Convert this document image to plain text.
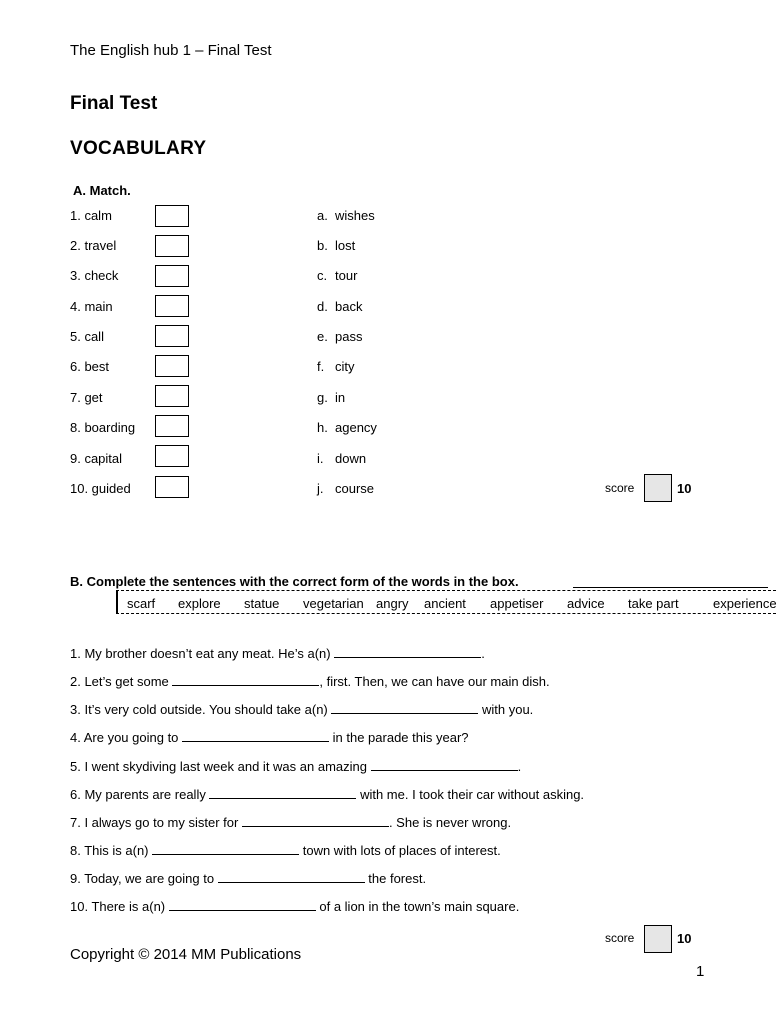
The English hub 1 – Final Test
Final Test
VOCABULARY
A. Match.
1. calm	a. wishes
2. travel	b. lost
3. check	c. tour
4. main	d. back
5. call	e. pass
6. best	f. city
7. get	g. in
8. boarding	h. agency
9. capital	i. down
10. guided	j. course	score	10
B. Complete the sentences with the correct form of the words in the box.
scarf explore statue vegetarian angry ancient appetiser advice take part	experience
1. My brother doesn’t eat any meat. He’s a(n)	.
2. Let’s get some	, first. Then, we can have our main dish.
3. It’s very cold outside. You should take a(n)	with you.
4. Are you going to	in the parade this year?
5. I went skydiving last week and it was an amazing	.
6. My parents are really	with me. I took their car without asking.
7. I always go to my sister for	. She is never wrong.
8. This is a(n)	town with lots of places of interest.
9. Today, we are going to	the forest.
10. There is a(n)	of a lion in the town’s main square.
score	10
Copyright © 2014 MM Publications
1
